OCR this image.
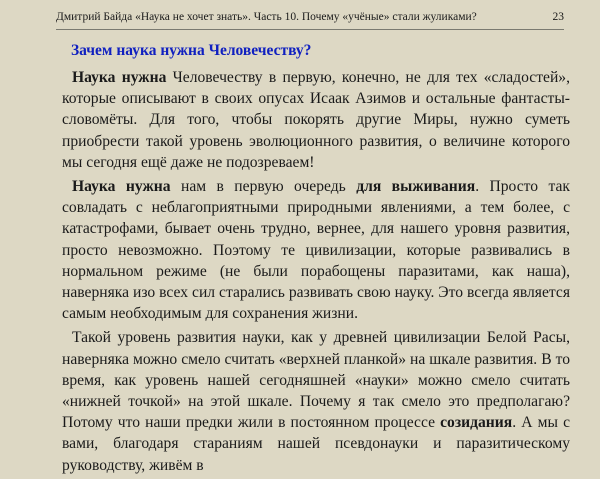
Дмитрий Байда «Наука не хочет знать». Часть 10. Почему «учёные» стали жуликами?	23
Зачем наука нужна Человечеству?

Наука нужна Человечеству в первую, конечно, не для тех «сладостей», которые описывают в своих опусах Исаак Азимов и остальные фантасты-словомёты. Для того, чтобы покорять другие Миры, нужно суметь приобрести такой уровень эволюционного развития, о величине которого мы сегодня ещё даже не подозреваем!

Наука нужна нам в первую очередь для выживания. Просто так совладать с неблагоприятными природными явлениями, а тем более, с катастрофами, бывает очень трудно, вернее, для нашего уровня развития, просто невозможно. Поэтому те цивилизации, которые развивались в нормальном режиме (не были порабощены паразитами, как наша), наверняка изо всех сил старались развивать свою науку. Это всегда является самым необходимым для сохранения жизни.

Такой уровень развития науки, как у древней цивилизации Белой Расы, наверняка можно смело считать «верхней планкой» на шкале развития. В то время, как уровень нашей сегодняшней «науки» можно смело считать «нижней точкой» на этой шкале. Почему я так смело это предполагаю? Потому что наши предки жили в постоянном процессе созидания. А мы с вами, благодаря стараниям нашей псевдонауки и паразитическому руководству, живём в
